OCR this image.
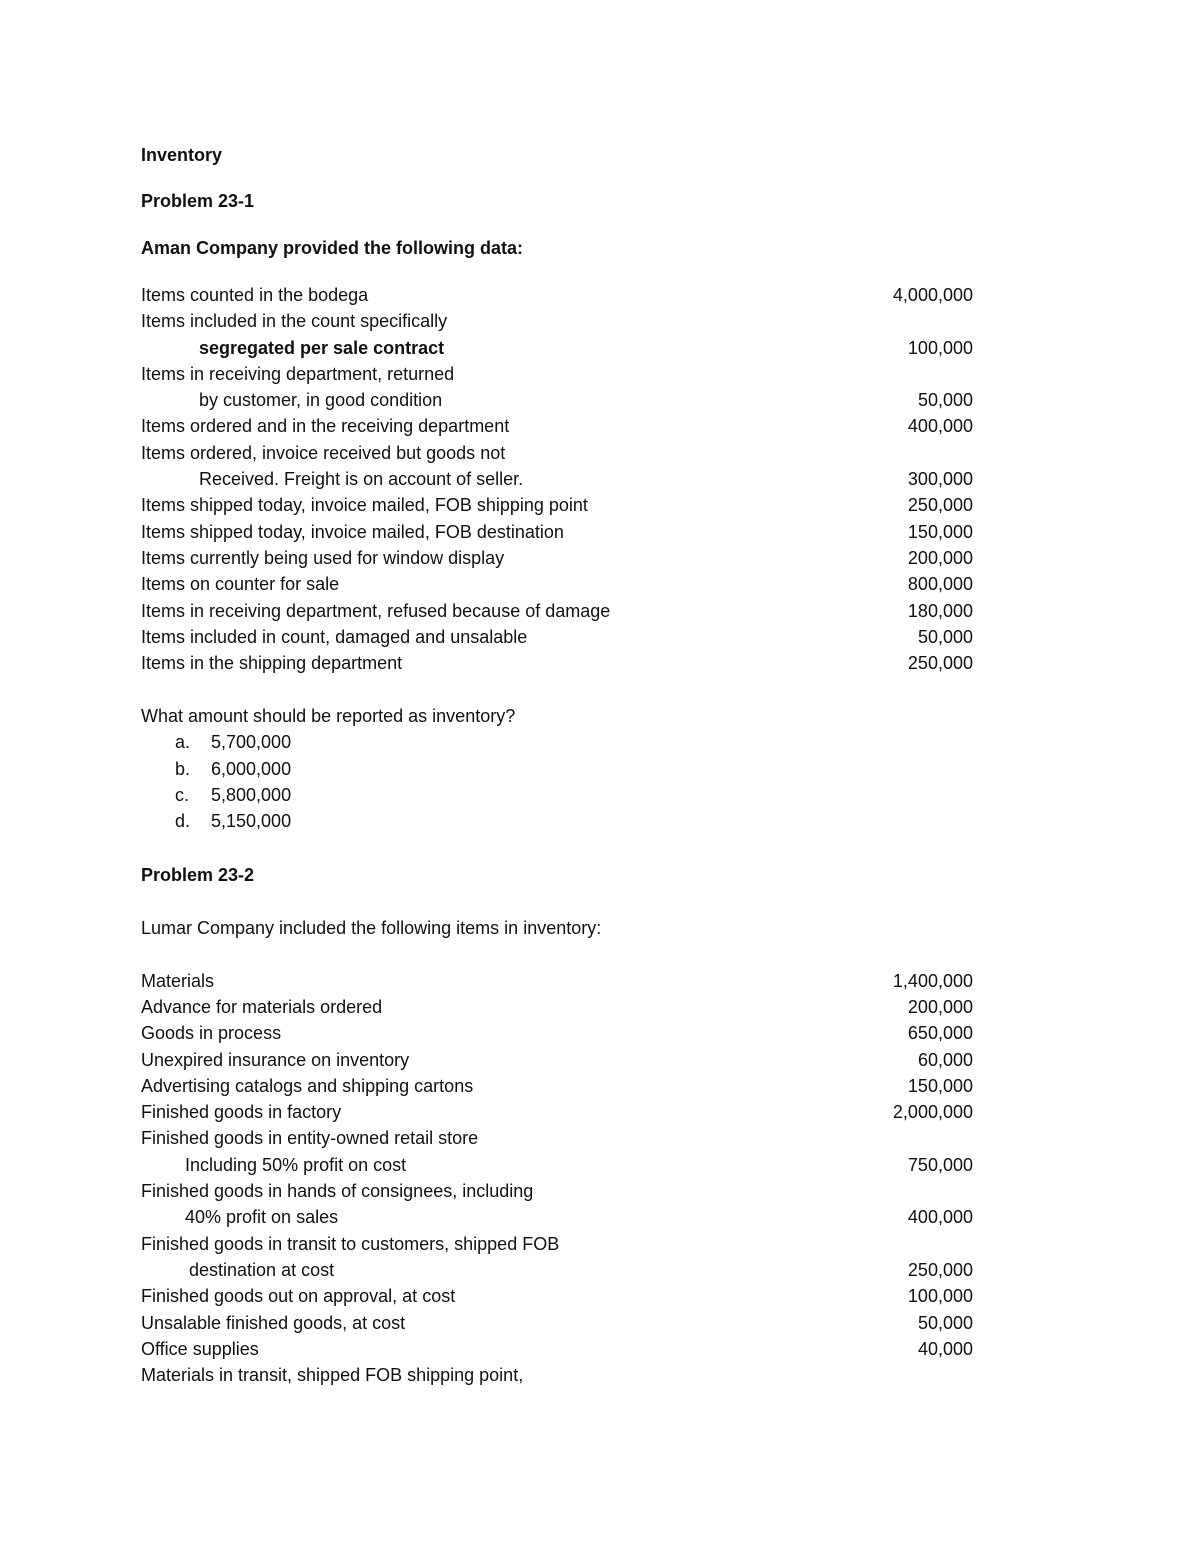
Inventory
Problem 23-1
Aman Company provided the following data:
Items counted in the bodega	4,000,000
Items included in the count specifically
segregated per sale contract	100,000
Items in receiving department, returned
by customer, in good condition	50,000
Items ordered and in the receiving department	400,000
Items ordered, invoice received but goods not
Received. Freight is on account of seller.	300,000
Items shipped today, invoice mailed, FOB shipping point	250,000
Items shipped today, invoice mailed, FOB destination	150,000
Items currently being used for window display	200,000
Items on counter for sale	800,000
Items in receiving department, refused because of damage	180,000
Items included in count, damaged and unsalable	50,000
Items in the shipping department	250,000
What amount should be reported as inventory?
a.	5,700,000
b.	6,000,000
c.	5,800,000
d.	5,150,000
Problem 23-2
Lumar Company included the following items in inventory:
Materials	1,400,000
Advance for materials ordered	200,000
Goods in process	650,000
Unexpired insurance on inventory	60,000
Advertising catalogs and shipping cartons	150,000
Finished goods in factory	2,000,000
Finished goods in entity-owned retail store
Including 50% profit on cost	750,000
Finished goods in hands of consignees, including
40% profit on sales	400,000
Finished goods in transit to customers, shipped FOB
destination at cost	250,000
Finished goods out on approval, at cost	100,000
Unsalable finished goods, at cost	50,000
Office supplies	40,000
Materials in transit, shipped FOB shipping point,
